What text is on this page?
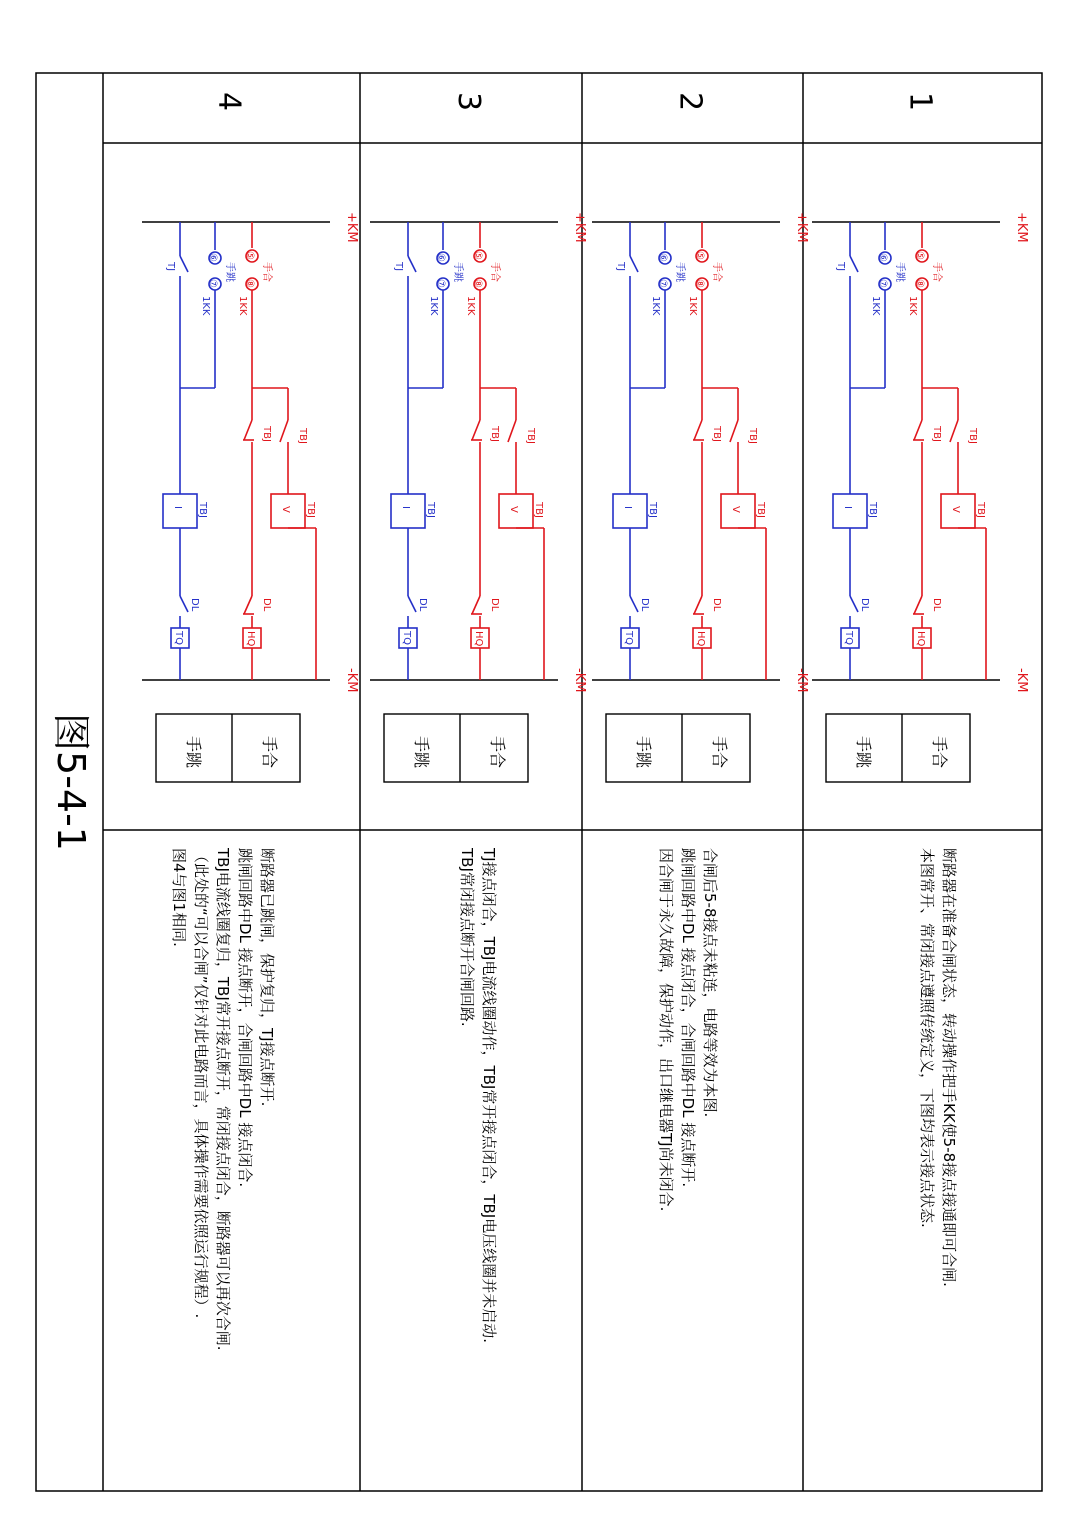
图5-4-1
1
+KM
-KM
⑤
⑧
手合
1KK
TBJ
V TBJ
TBJ
DL
HQ
⑥
⑦
手跳
1KK
TJ
I TBJ
DL
TQ
手合
手跳
断路器在准备合闸状态，转动操作把手KK使5-8接点接通即可合闸.
本图常开、常闭接点遵照传统定义，下图均表示接点状态.
2
+KM
-KM
⑤
⑧
手合
1KK
TBJ
V TBJ
TBJ
DL
HQ
⑥
⑦
手跳
1KK
TJ
I TBJ
DL
TQ
手合
手跳
合闸后5-8接点未粘连，电路等效为本图.
跳闸回路中DL 接点闭合，合闸回路中DL 接点断开.
因合闸于永久故障，保护动作，出口继电器TJ尚未闭合.
3
+KM
-KM
⑤
⑧
手合
1KK
TBJ
V TBJ
TBJ
DL
HQ
⑥
⑦
手跳
1KK
TJ
I TBJ
DL
TQ
手合
手跳
TJ接点闭合，TBJ电流线圈动作，TBJ常开接点闭合，TBJ电压线圈并未启动.
TBJ常闭接点断开合闸回路.
4
+KM
-KM
⑤
⑧
手合
1KK
TBJ
V TBJ
TBJ
DL
HQ
⑥
⑦
手跳
1KK
TJ
I TBJ
DL
TQ
手合
手跳
断路器已跳闸，保护复归，TJ接点断开.
跳闸回路中DL 接点断开，合闸回路中DL 接点闭合.
TBJ电流线圈复归，TBJ常开接点断开，常闭接点闭合，断路器可以再次合闸.
（此处的“可以合闸”仅针对此电路而言，具体操作需要依照运行规程）.
图4与图1相同.
